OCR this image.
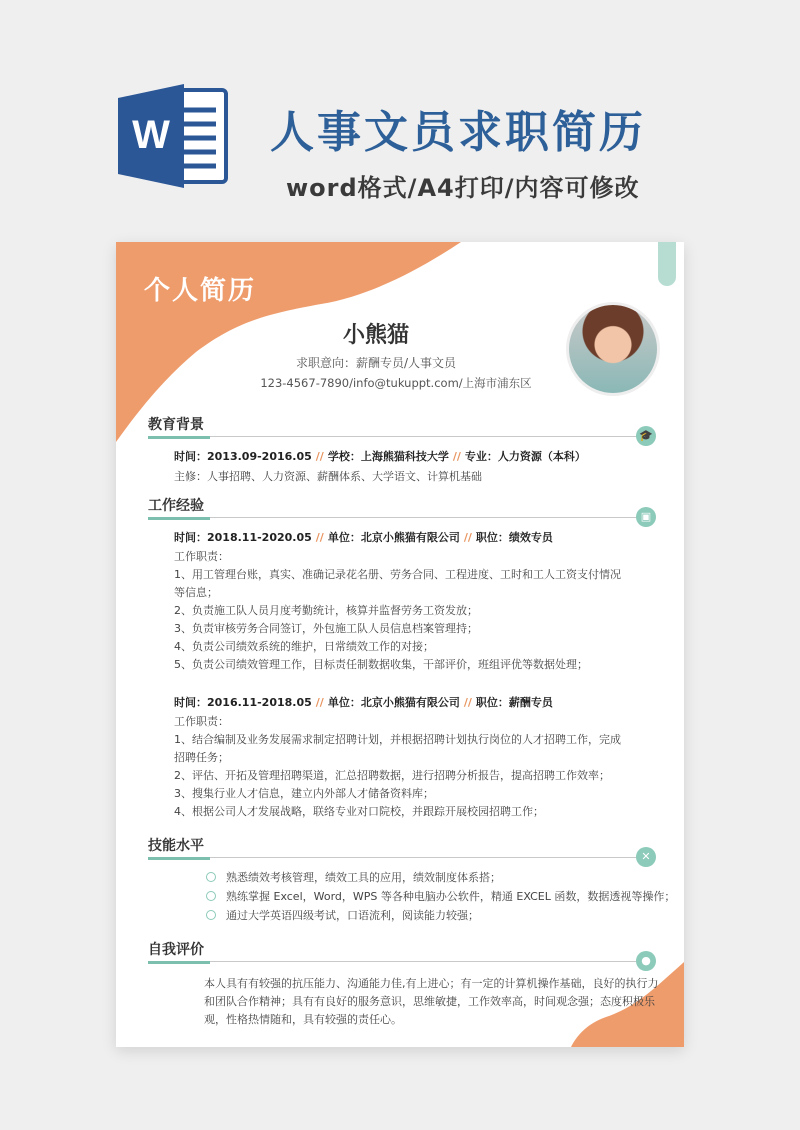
W 人事文员求职简历
word格式/A4打印/内容可修改
个人简历
小熊猫
求职意向：薪酬专员/人事文员
123-4567-7890/info@tukuppt.com/上海市浦东区
教育背景
🎓
时间：2013.09-2016.05 // 学校：上海熊猫科技大学 // 专业：人力资源（本科）
主修：人事招聘、人力资源、薪酬体系、大学语文、计算机基础
工作经验
▣
时间：2018.11-2020.05 // 单位：北京小熊猫有限公司 // 职位：绩效专员
工作职责：
1、用工管理台账，真实、准确记录花名册、劳务合同、工程进度、工时和工人工资支付情况
等信息；
2、负责施工队人员月度考勤统计，核算并监督劳务工资发放；
3、负责审核劳务合同签订，外包施工队人员信息档案管理持；
4、负责公司绩效系统的维护，日常绩效工作的对接；
5、负责公司绩效管理工作，目标责任制数据收集，干部评价，班组评优等数据处理；
时间：2016.11-2018.05 // 单位：北京小熊猫有限公司 // 职位：薪酬专员
工作职责：
1、结合编制及业务发展需求制定招聘计划，并根据招聘计划执行岗位的人才招聘工作，完成
招聘任务；
2、评估、开拓及管理招聘渠道，汇总招聘数据，进行招聘分析报告，提高招聘工作效率；
3、搜集行业人才信息，建立内外部人才储备资料库；
4、根据公司人才发展战略，联络专业对口院校，并跟踪开展校园招聘工作；
技能水平
✕
熟悉绩效考核管理，绩效工具的应用，绩效制度体系搭；
熟练掌握 Excel，Word，WPS 等各种电脑办公软件，精通 EXCEL 函数，数据透视等操作；
通过大学英语四级考试，口语流利，阅读能力较强；
自我评价
●
本人具有有较强的抗压能力、沟通能力佳,有上进心；有一定的计算机操作基础，良好的执行力
和团队合作精神；具有有良好的服务意识，思维敏捷，工作效率高，时间观念强；态度积极乐
观，性格热情随和，具有较强的责任心。
